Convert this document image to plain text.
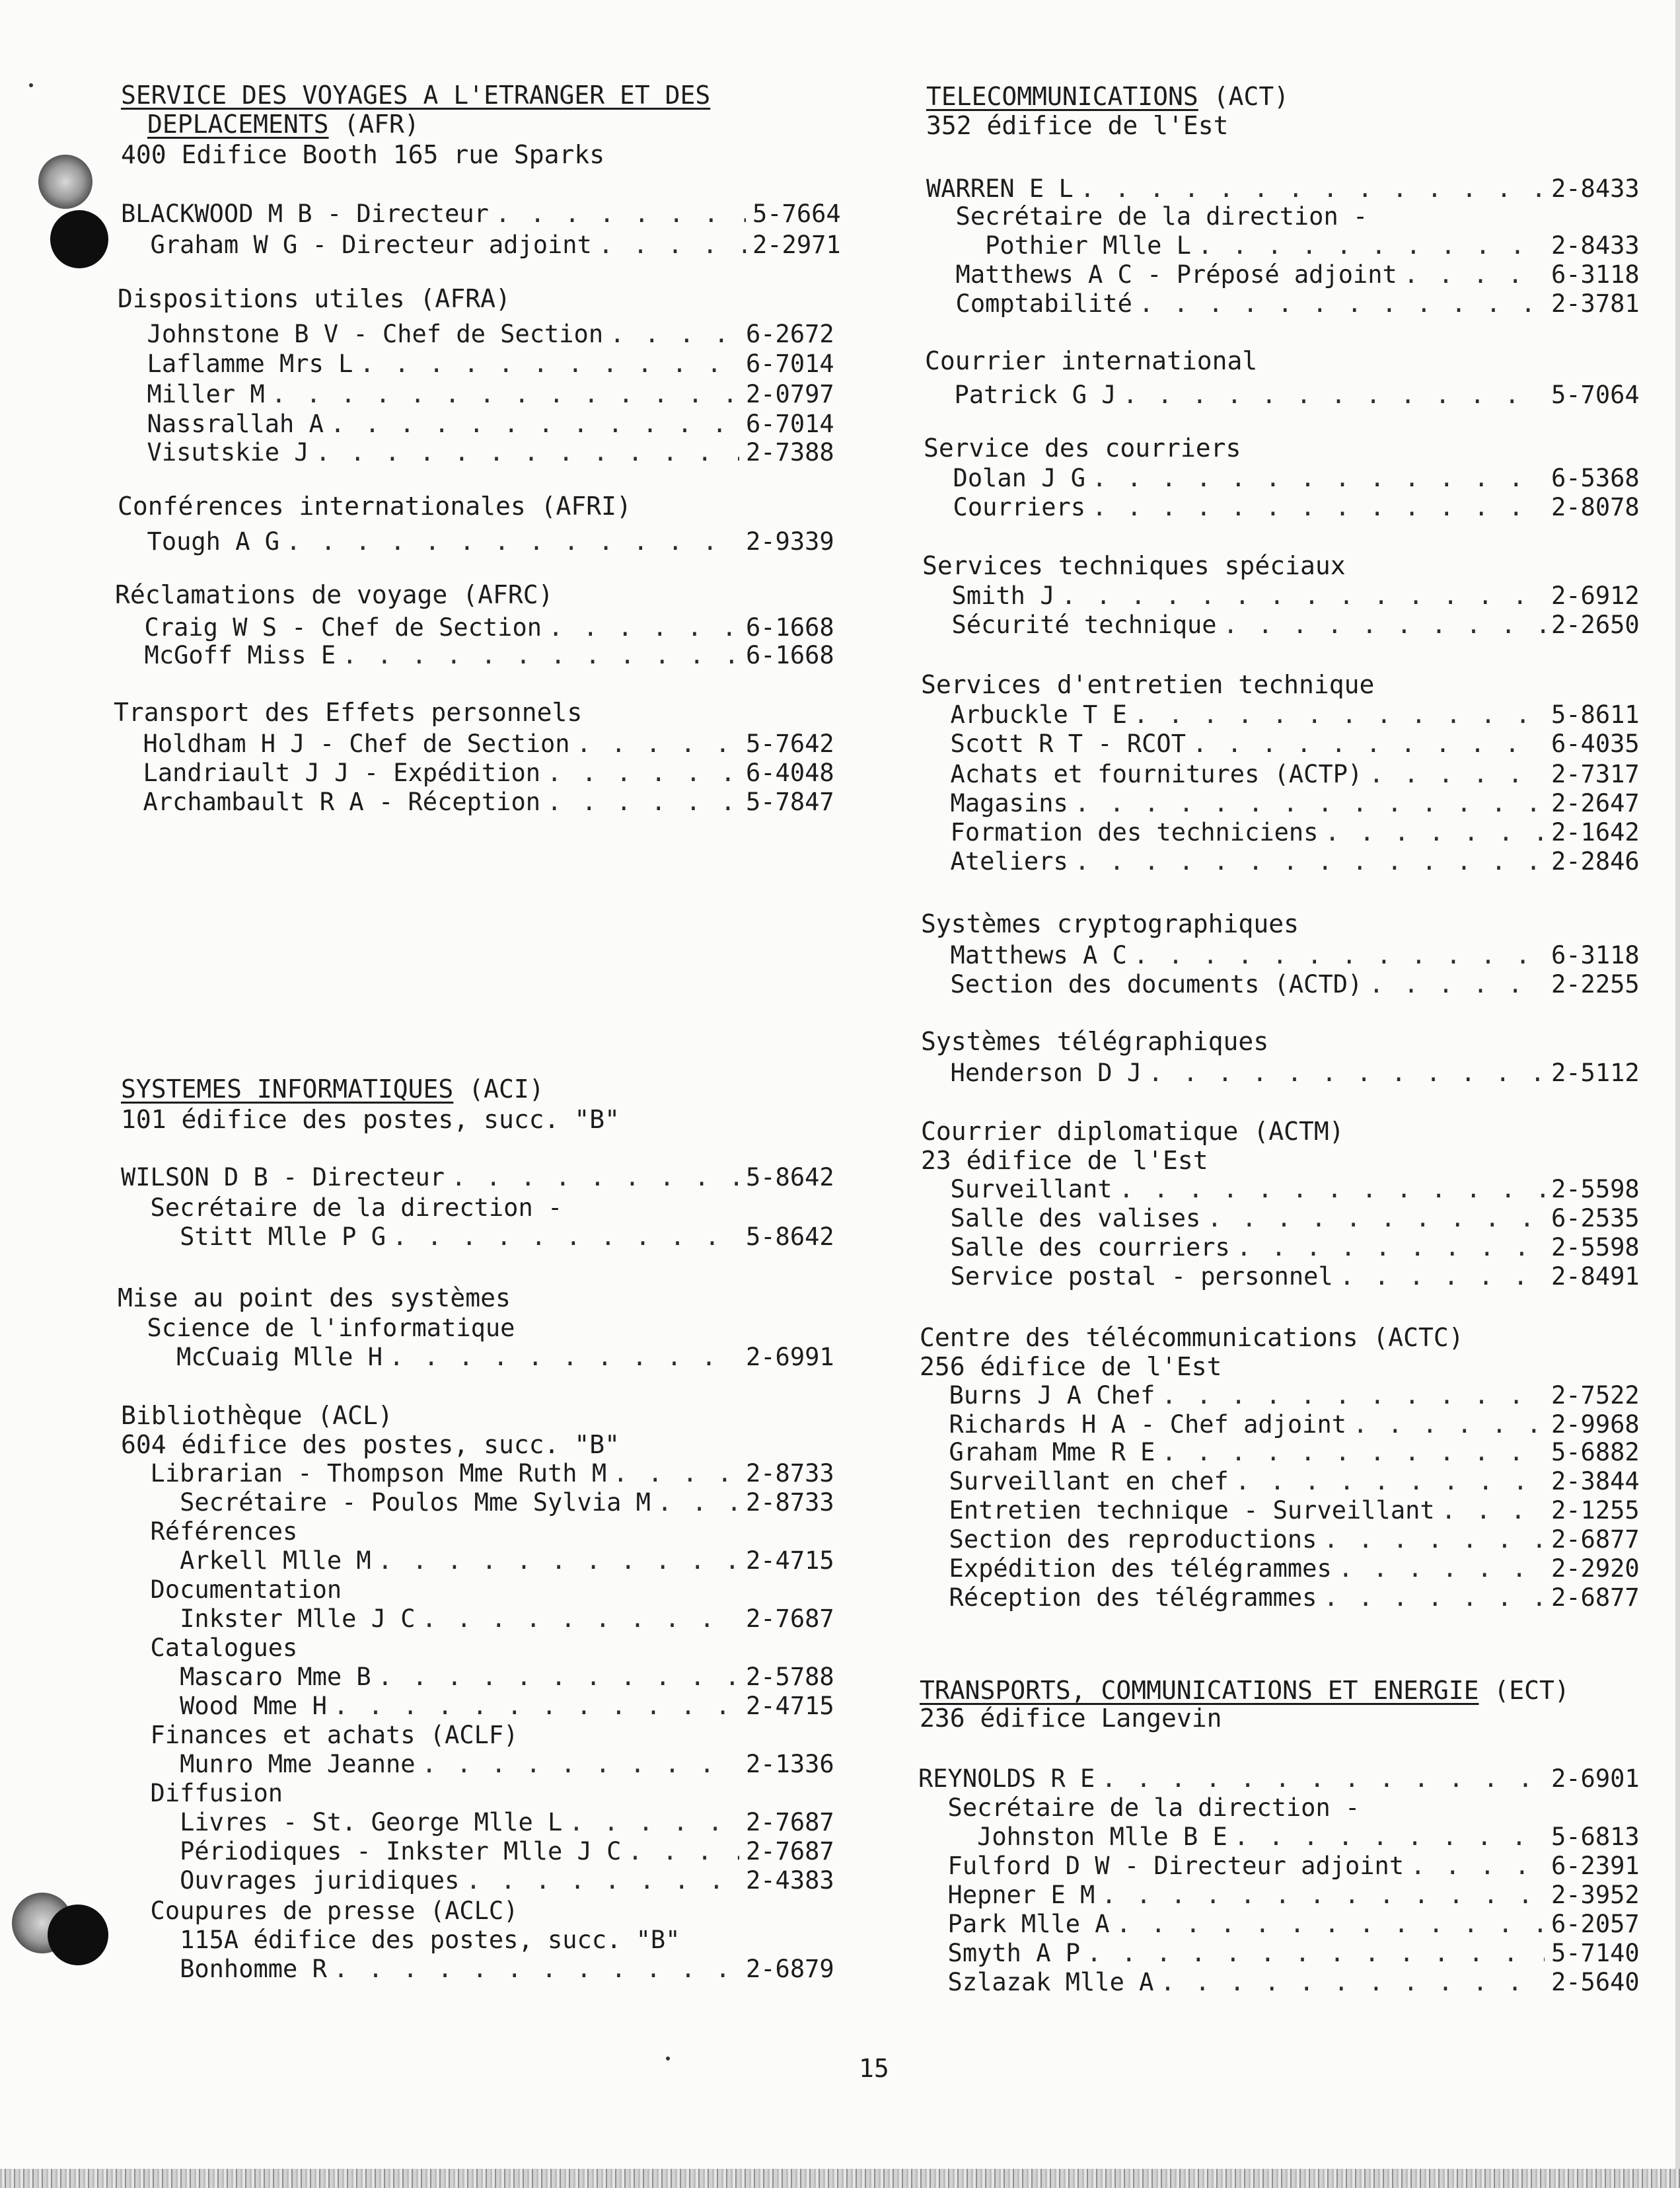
SERVICE DES VOYAGES A L'ETRANGER ET DES
DEPLACEMENTS (AFR)
400 Edifice Booth 165 rue Sparks
BLACKWOOD M B - Directeur . . .	5-7664
Graham W G - Directeur adjoint . . .	2-2971
Dispositions utiles (AFRA)
Johnstone B V - Chef de Section . . .	6-2672
Laflamme Mrs L . . .	6-7014
Miller M . . .	2-0797
Nassrallah A . . .	6-7014
Visutskie J . . .	2-7388
Conférences internationales (AFRI)
Tough A G . . .	2-9339
Réclamations de voyage (AFRC)
Craig W S - Chef de Section . . .	6-1668
McGoff Miss E . . .	6-1668
Transport des Effets personnels
Holdham H J - Chef de Section . . .	5-7642
Landriault J J - Expédition . . .	6-4048
Archambault R A - Réception . . .	5-7847
SYSTEMES INFORMATIQUES (ACI)
101 édifice des postes, succ. "B"
WILSON D B - Directeur . . .	5-8642
Secrétaire de la direction -
Stitt Mlle P G . . .	5-8642
Mise au point des systèmes
Science de l'informatique
McCuaig Mlle H . . .	2-6991
Bibliothèque (ACL)
604 édifice des postes, succ. "B"
Librarian - Thompson Mme Ruth M . . .	2-8733
Secrétaire - Poulos Mme Sylvia M . . .	2-8733
Références
Arkell Mlle M . . .	2-4715
Documentation
Inkster Mlle J C . . .	2-7687
Catalogues
Mascaro Mme B . . .	2-5788
Wood Mme H . . .	2-4715
Finances et achats (ACLF)
Munro Mme Jeanne . . .	2-1336
Diffusion
Livres - St. George Mlle L . . .	2-7687
Périodiques - Inkster Mlle J C . . .	2-7687
Ouvrages juridiques . . .	2-4383
Coupures de presse (ACLC)
115A édifice des postes, succ. "B"
Bonhomme R . . .	2-6879
TELECOMMUNICATIONS (ACT)
352 édifice de l'Est
WARREN E L . . .	2-8433
Secrétaire de la direction -
Pothier Mlle L . . .	2-8433
Matthews A C - Préposé adjoint . . .	6-3118
Comptabilité . . .	2-3781
Courrier international
Patrick G J . . .	5-7064
Service des courriers
Dolan J G . . .	6-5368
Courriers . . .	2-8078
Services techniques spéciaux
Smith J . . .	2-6912
Sécurité technique . . .	2-2650
Services d'entretien technique
Arbuckle T E . . .	5-8611
Scott R T - RCOT . . .	6-4035
Achats et fournitures (ACTP) . . .	2-7317
Magasins . . .	2-2647
Formation des techniciens . . .	2-1642
Ateliers . . .	2-2846
Systèmes cryptographiques
Matthews A C . . .	6-3118
Section des documents (ACTD) . . .	2-2255
Systèmes télégraphiques
Henderson D J . . .	2-5112
Courrier diplomatique (ACTM)
23 édifice de l'Est
Surveillant . . .	2-5598
Salle des valises . . .	6-2535
Salle des courriers . . .	2-5598
Service postal - personnel . . .	2-8491
Centre des télécommunications (ACTC)
256 édifice de l'Est
Burns J A Chef . . .	2-7522
Richards H A - Chef adjoint . . .	2-9968
Graham Mme R E . . .	5-6882
Surveillant en chef . . .	2-3844
Entretien technique - Surveillant . . .	2-1255
Section des reproductions . . .	2-6877
Expédition des télégrammes . . .	2-2920
Réception des télégrammes . . .	2-6877
TRANSPORTS, COMMUNICATIONS ET ENERGIE (ECT)
236 édifice Langevin
REYNOLDS R E . . .	2-6901
Secrétaire de la direction -
Johnston Mlle B E . . .	5-6813
Fulford D W - Directeur adjoint . . .	6-2391
Hepner E M . . .	2-3952
Park Mlle A . . .	6-2057
Smyth A P . . .	5-7140
Szlazak Mlle A . . .	2-5640
15
